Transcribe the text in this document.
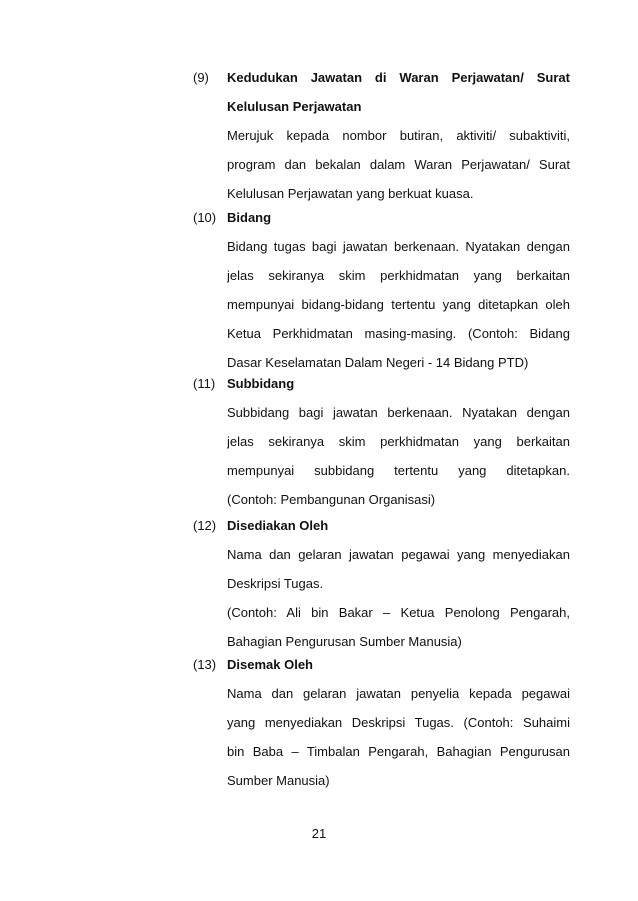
(9)	Kedudukan Jawatan di Waran Perjawatan/ Surat
Kelulusan Perjawatan
Merujuk kepada nombor butiran, aktiviti/ subaktiviti,
program dan bekalan dalam Waran Perjawatan/ Surat
Kelulusan Perjawatan yang berkuat kuasa.
(10) Bidang
Bidang tugas bagi jawatan berkenaan. Nyatakan dengan
jelas sekiranya skim perkhidmatan yang berkaitan
mempunyai bidang-bidang tertentu yang ditetapkan oleh
Ketua Perkhidmatan masing-masing. (Contoh: Bidang
Dasar Keselamatan Dalam Negeri - 14 Bidang PTD)
(11) Subbidang
Subbidang bagi jawatan berkenaan. Nyatakan dengan
jelas sekiranya skim perkhidmatan yang berkaitan
mempunyai subbidang tertentu yang ditetapkan.
(Contoh: Pembangunan Organisasi)
(12) Disediakan Oleh
Nama dan gelaran jawatan pegawai yang menyediakan
Deskripsi Tugas.
(Contoh: Ali bin Bakar – Ketua Penolong Pengarah,
Bahagian Pengurusan Sumber Manusia)
(13) Disemak Oleh
Nama dan gelaran jawatan penyelia kepada pegawai
yang menyediakan Deskripsi Tugas. (Contoh: Suhaimi
bin Baba – Timbalan Pengarah, Bahagian Pengurusan
Sumber Manusia)
21
